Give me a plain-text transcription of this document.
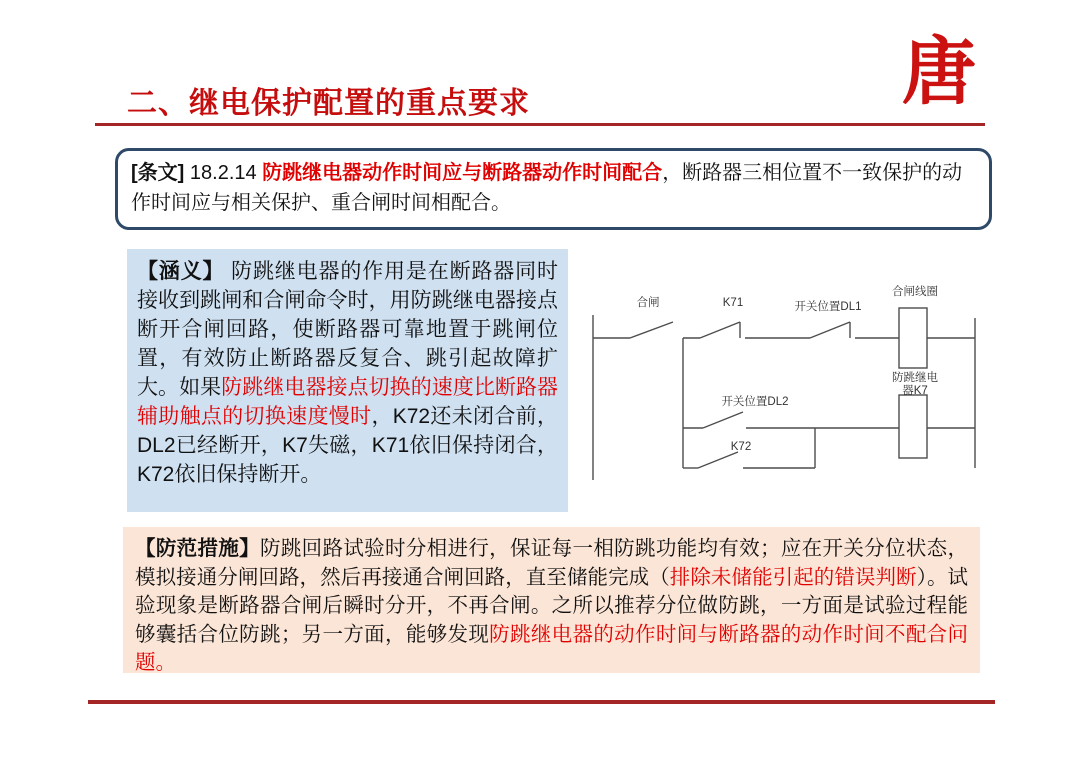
二、继电保护配置的重点要求	唐
[条文] 18.2.14 防跳继电器动作时间应与断路器动作时间配合，断路器三相位置不一致保护的动作时间应与相关保护、重合闸时间相配合。
【涵义】 防跳继电器的作用是在断路器同时接收到跳闸和合闸命令时，用防跳继电器接点断开合闸回路，使断路器可靠地置于跳闸位置，有效防止断路器反复合、跳引起故障扩大。如果防跳继电器接点切换的速度比断路器辅助触点的切换速度慢时，K72还未闭合前，DL2已经断开，K7失磁，K71依旧保持闭合，K72依旧保持断开。
合闸	K71	开关位置DL1
合闸线圈
防跳继电
器K7
开关位置DL2
K72
【防范措施】防跳回路试验时分相进行，保证每一相防跳功能均有效；应在开关分位状态，模拟接通分闸回路，然后再接通合闸回路，直至储能完成（排除未储能引起的错误判断）。试验现象是断路器合闸后瞬时分开，不再合闸。之所以推荐分位做防跳，一方面是试验过程能够囊括合位防跳；另一方面，能够发现防跳继电器的动作时间与断路器的动作时间不配合问题。
